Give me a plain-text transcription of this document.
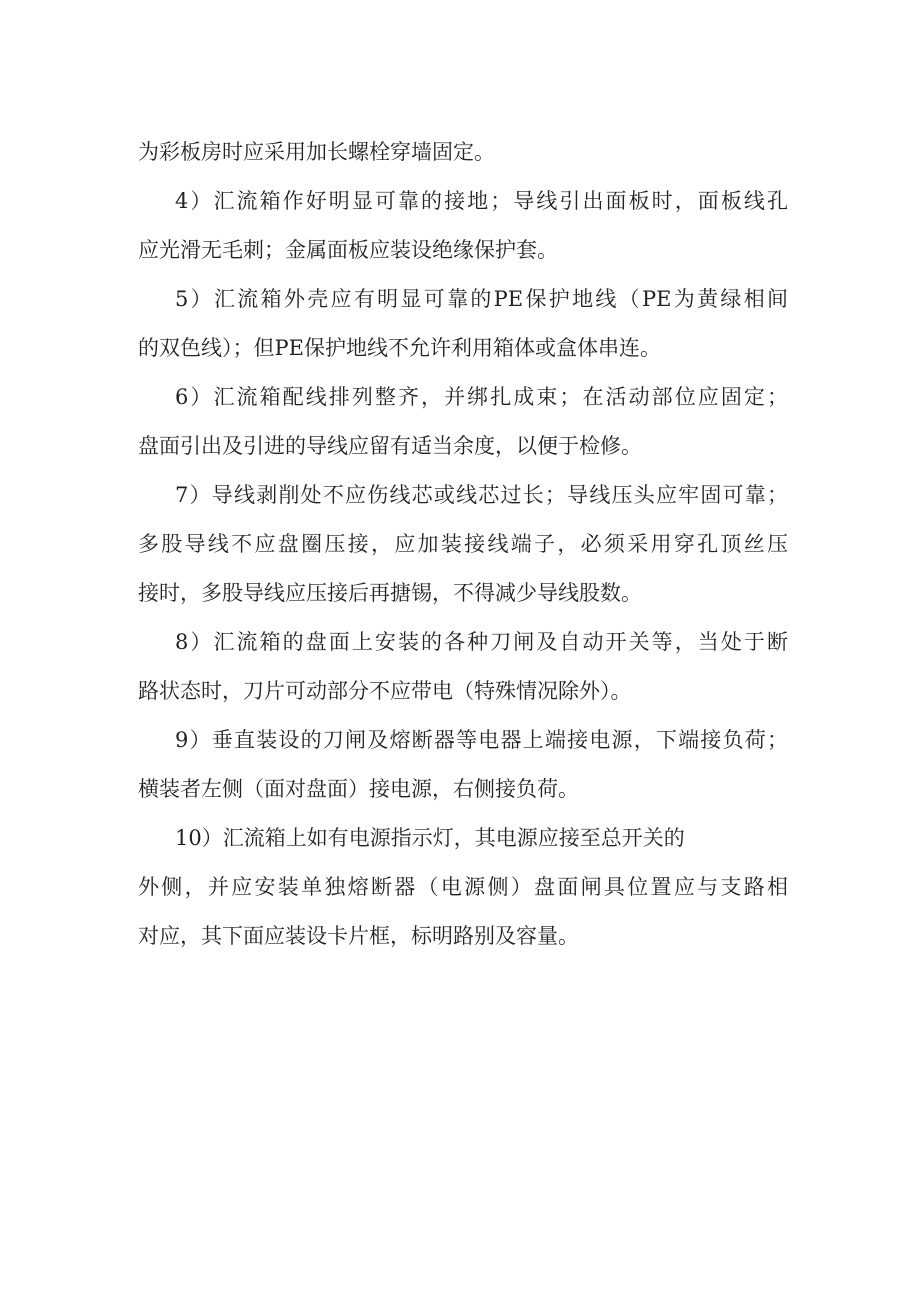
为彩板房时应采用加长螺栓穿墙固定。
4）汇流箱作好明显可靠的接地；导线引出面板时，面板线孔
应光滑无毛刺；金属面板应装设绝缘保护套。
5）汇流箱外壳应有明显可靠的PE保护地线（PE为黄绿相间
的双色线）；但PE保护地线不允许利用箱体或盒体串连。
6）汇流箱配线排列整齐，并绑扎成束；在活动部位应固定；
盘面引出及引进的导线应留有适当余度，以便于检修。
7）导线剥削处不应伤线芯或线芯过长；导线压头应牢固可靠；
多股导线不应盘圈压接，应加装接线端子，必须采用穿孔顶丝压
接时，多股导线应压接后再搪锡，不得减少导线股数。
8）汇流箱的盘面上安装的各种刀闸及自动开关等，当处于断
路状态时，刀片可动部分不应带电（特殊情况除外）。
9）垂直装设的刀闸及熔断器等电器上端接电源，下端接负荷；
横装者左侧（面对盘面）接电源，右侧接负荷。
10）汇流箱上如有电源指示灯，其电源应接至总开关的
外侧，并应安装单独熔断器（电源侧）盘面闸具位置应与支路相
对应，其下面应装设卡片框，标明路别及容量。
